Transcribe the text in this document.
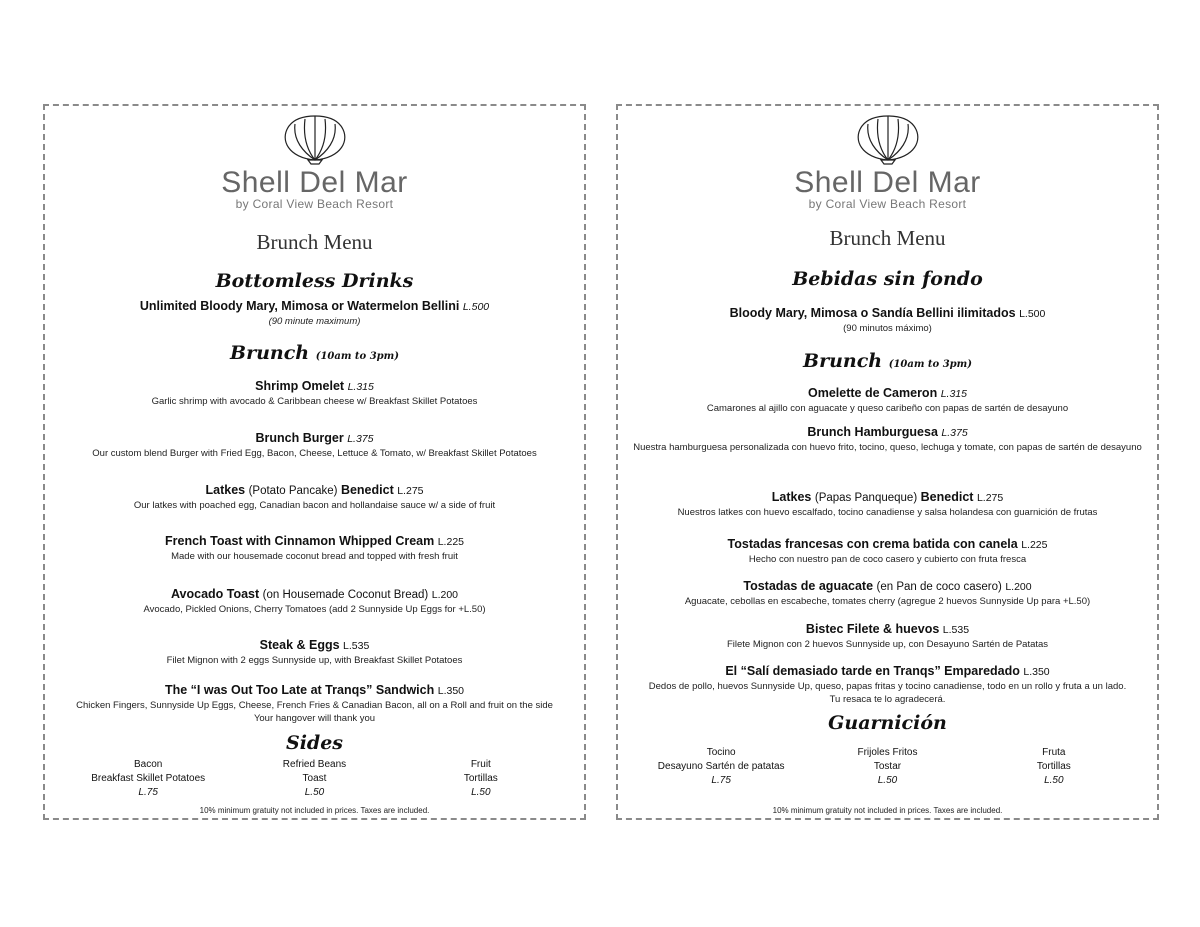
Shell Del Mar
by Coral View Beach Resort
Brunch Menu
Bottomless Drinks
Unlimited Bloody Mary, Mimosa or Watermelon Bellini L.500
(90 minute maximum)
Brunch (10am to 3pm)
Shrimp Omelet L.315
Garlic shrimp with avocado & Caribbean cheese w/ Breakfast Skillet Potatoes
Brunch Burger L.375
Our custom blend Burger with Fried Egg, Bacon, Cheese, Lettuce & Tomato, w/ Breakfast Skillet Potatoes
Latkes (Potato Pancake) Benedict L.275
Our latkes with poached egg, Canadian bacon and hollandaise sauce w/ a side of fruit
French Toast with Cinnamon Whipped Cream L.225
Made with our housemade coconut bread and topped with fresh fruit
Avocado Toast (on Housemade Coconut Bread) L.200
Avocado, Pickled Onions, Cherry Tomatoes (add 2 Sunnyside Up Eggs for +L.50)
Steak & Eggs L.535
Filet Mignon with 2 eggs Sunnyside up, with Breakfast Skillet Potatoes
The “I was Out Too Late at Tranqs” Sandwich L.350
Chicken Fingers, Sunnyside Up Eggs, Cheese, French Fries & Canadian Bacon, all on a Roll and fruit on the side
Your hangover will thank you
Sides
Bacon
Breakfast Skillet Potatoes
L.75
Refried Beans
Toast
L.50
Fruit
Tortillas
L.50
10% minimum gratuity not included in prices. Taxes are included.
Shell Del Mar
by Coral View Beach Resort
Brunch Menu
Bebidas sin fondo
Bloody Mary, Mimosa o Sandía Bellini ilimitados L.500
(90 minutos máximo)
Brunch (10am to 3pm)
Omelette de Cameron L.315
Camarones al ajillo con aguacate y queso caribeño con papas de sartén de desayuno
Brunch Hamburguesa L.375
Nuestra hamburguesa personalizada con huevo frito, tocino, queso, lechuga y tomate, con papas de sartén de desayuno
Latkes (Papas Panqueque) Benedict L.275
Nuestros latkes con huevo escalfado, tocino canadiense y salsa holandesa con guarnición de frutas
Tostadas francesas con crema batida con canela L.225
Hecho con nuestro pan de coco casero y cubierto con fruta fresca
Tostadas de aguacate (en Pan de coco casero) L.200
Aguacate, cebollas en escabeche, tomates cherry (agregue 2 huevos Sunnyside Up para +L.50)
Bistec Filete & huevos L.535
Filete Mignon con 2 huevos Sunnyside up, con Desayuno Sartén de Patatas
El “Salí demasiado tarde en Tranqs” Emparedado L.350
Dedos de pollo, huevos Sunnyside Up, queso, papas fritas y tocino canadiense, todo en un rollo y fruta a un lado.
Tu resaca te lo agradecerá.
Guarnición
Tocino
Desayuno Sartén de patatas
L.75
Frijoles Fritos
Tostar
L.50
Fruta
Tortillas
L.50
10% minimum gratuity not included in prices. Taxes are included.
